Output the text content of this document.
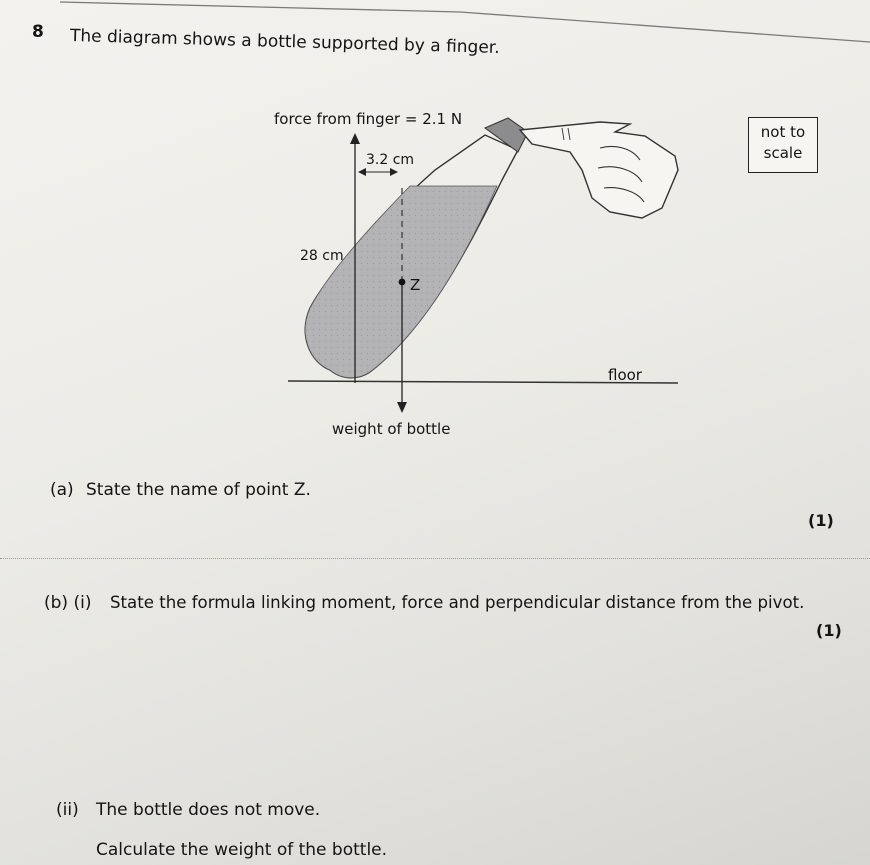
8 The diagram shows a bottle supported by a finger.
force from finger = 2.1 N
3.2 cm
28 cm
Z
floor
weight of bottle
not to
scale
(a) State the name of point Z.
(1)
(b) (i) State the formula linking moment, force and perpendicular distance from the pivot.
(1)
(ii) The bottle does not move.
Calculate the weight of the bottle.
